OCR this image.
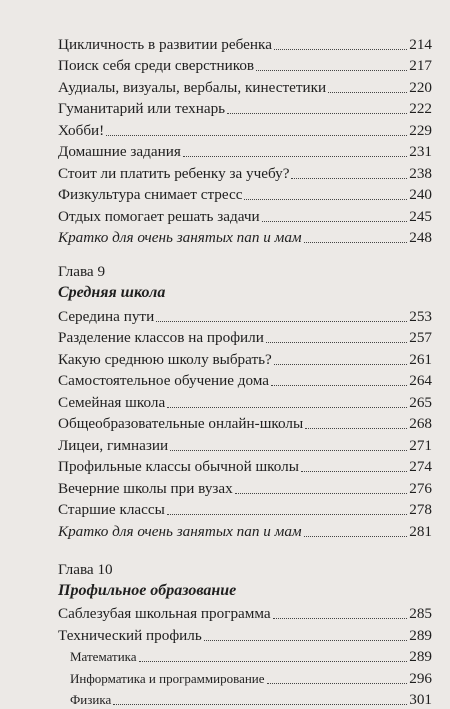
Цикличность в развитии ребенка	214
Поиск себя среди сверстников	217
Аудиалы, визуалы, вербалы, кинестетики	220
Гуманитарий или технарь	222
Хобби!	229
Домашние задания	231
Стоит ли платить ребенку за учебу?	238
Физкультура снимает стресс	240
Отдых помогает решать задачи	245
Кратко для очень занятых пап и мам	248
Глава 9
Средняя школа
Середина пути	253
Разделение классов на профили	257
Какую среднюю школу выбрать?	261
Самостоятельное обучение дома	264
Семейная школа	265
Общеобразовательные онлайн-школы	268
Лицеи, гимназии	271
Профильные классы обычной школы	274
Вечерние школы при вузах	276
Старшие классы	278
Кратко для очень занятых пап и мам	281
Глава 10
Профильное образование
Саблезубая школьная программа	285
Технический профиль	289
Математика	289
Информатика и программирование	296
Физика	301
